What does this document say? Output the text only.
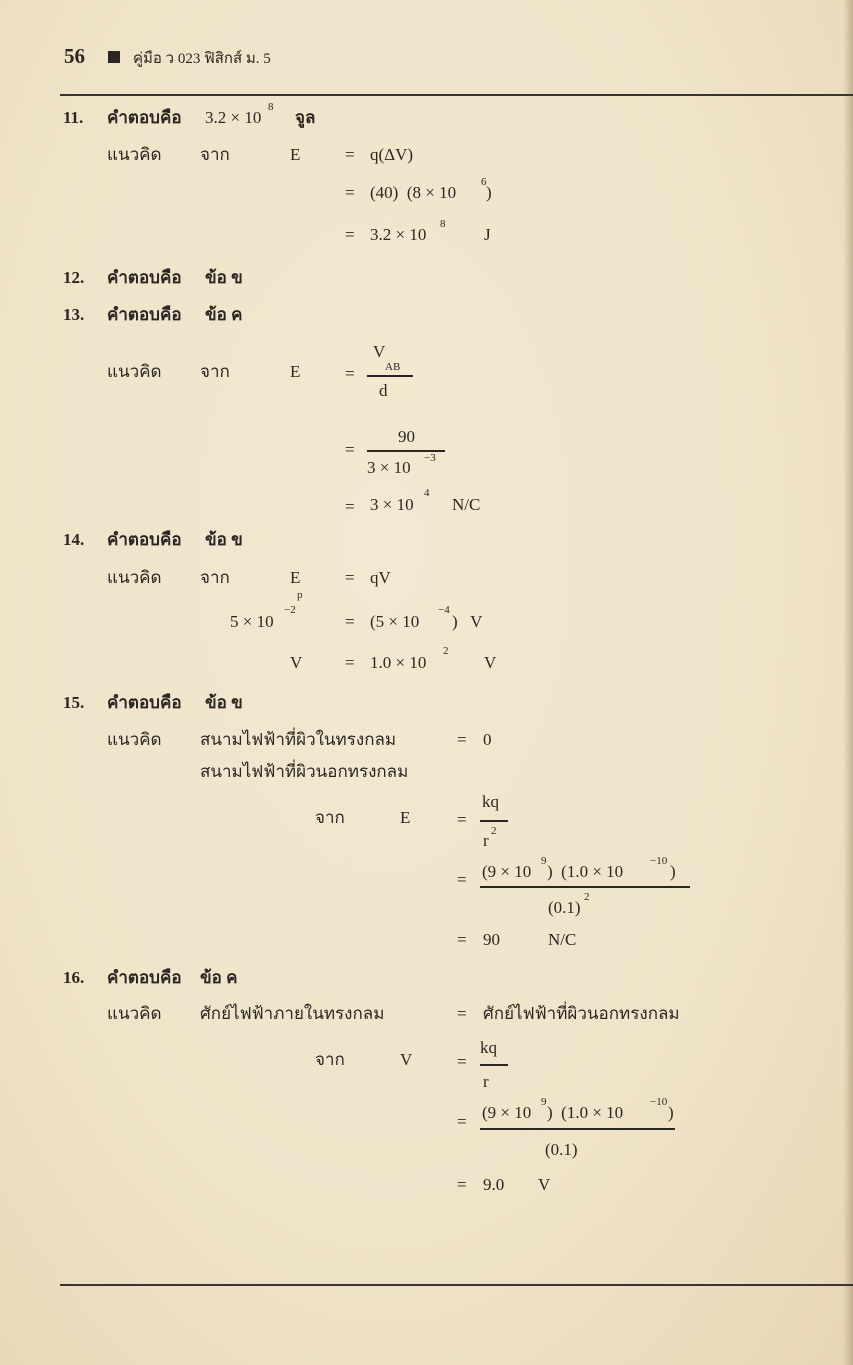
56	คู่มือ ว 023 ฟิสิกส์ ม. 5
11. คำตอบคือ 3.2 × 10
8
จูล
แนวคิด จาก	E	= q(ΔV)
= (40)  (8 × 10
6
)
= 3.2 × 10
8
J
12. คำตอบคือ ข้อ ข
13. คำตอบคือ ข้อ ค
แนวคิด จาก	E	=
V
AB
d
=
90
3 × 10 −3
= 3 × 10
4
N/C
14. คำตอบคือ ข้อ ข
แนวคิด จาก	E
p
= qV
5 × 10
−2
= (5 × 10
−4
)   V
V	= 1.0 × 10
2
V
15. คำตอบคือ ข้อ ข
แนวคิด สนามไฟฟ้าที่ผิวในทรงกลม	= 0
สนามไฟฟ้าที่ผิวนอกทรงกลม
จาก	E	=
kq
r 2
= (9 × 10
9
)  (1.0 × 10
−10
)
(0.1)
2
= 90	N/C
16. คำตอบคือ ข้อ ค
แนวคิด ศักย์ไฟฟ้าภายในทรงกลม	= ศักย์ไฟฟ้าที่ผิวนอกทรงกลม
จาก	V	=
kq
r
= (9 × 10
9
)  (1.0 × 10
−10
)
(0.1)
= 9.0 V
